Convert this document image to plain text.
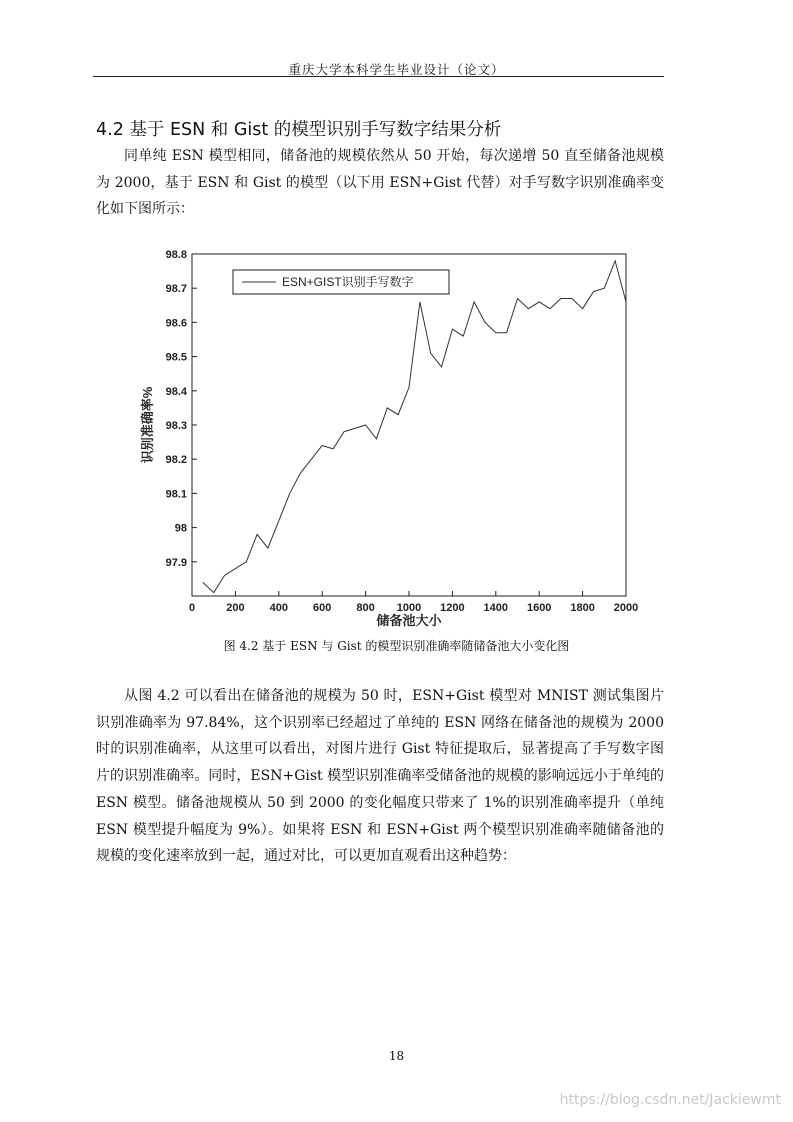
重庆大学本科学生毕业设计（论文）
4.2 基于 ESN 和 Gist 的模型识别手写数字结果分析

同单纯 ESN 模型相同，储备池的规模依然从 50 开始，每次递增 50 直至储备池规模为 2000，基于 ESN 和 Gist 的模型（以下用 ESN+Gist 代替）对手写数字识别准确率变化如下图所示：

97.9
98
98.1
98.2
98.3
98.4
98.5
98.6
98.7
98.8
0	200 400 600 800 1000 1200 1400 1600 1800 2000
ESN+GIST识别手写数字
储备池大小
识别准确率%
图 4.2 基于 ESN 与 Gist 的模型识别准确率随储备池大小变化图

从图 4.2 可以看出在储备池的规模为 50 时，ESN+Gist 模型对 MNIST 测试集图片识别准确率为 97.84%，这个识别率已经超过了单纯的 ESN 网络在储备池的规模为 2000 时的识别准确率，从这里可以看出，对图片进行 Gist 特征提取后，显著提高了手写数字图片的识别准确率。同时，ESN+Gist 模型识别准确率受储备池的规模的影响远远小于单纯的 ESN 模型。储备池规模从 50 到 2000 的变化幅度只带来了 1%的识别准确率提升（单纯 ESN 模型提升幅度为 9%）。如果将 ESN 和 ESN+Gist 两个模型识别准确率随储备池的规模的变化速率放到一起，通过对比，可以更加直观看出这种趋势：

18
https://blog.csdn.net/Jackiewmt
